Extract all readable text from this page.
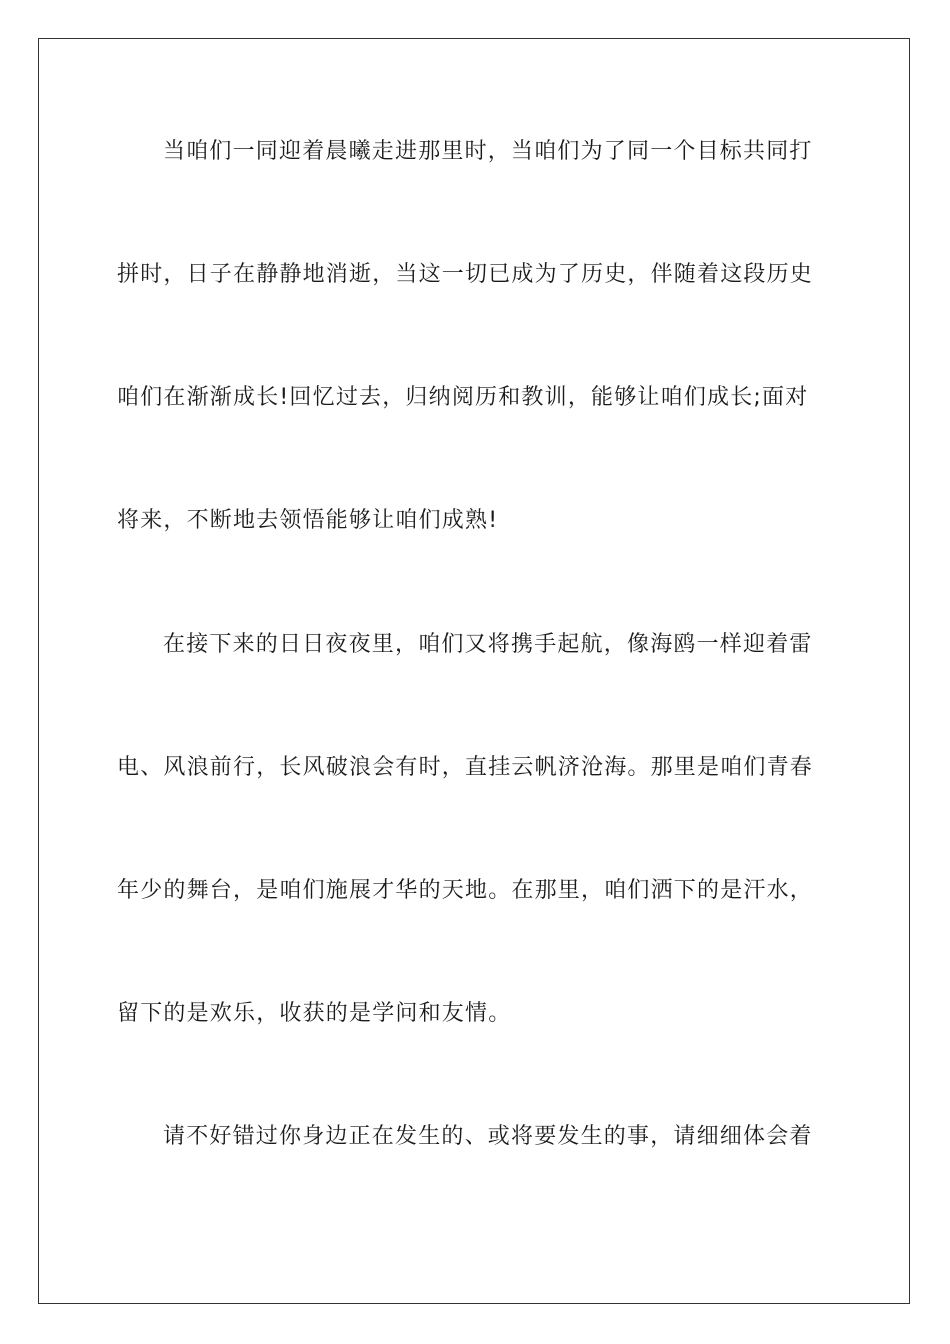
当咱们一同迎着晨曦走进那里时，当咱们为了同一个目标共同打

拼时，日子在静静地消逝，当这一切已成为了历史，伴随着这段历史

咱们在渐渐成长!回忆过去，归纳阅历和教训，能够让咱们成长;面对

将来，不断地去领悟能够让咱们成熟!

在接下来的日日夜夜里，咱们又将携手起航，像海鸥一样迎着雷

电、风浪前行，长风破浪会有时，直挂云帆济沧海。那里是咱们青春

年少的舞台，是咱们施展才华的天地。在那里，咱们洒下的是汗水，

留下的是欢乐，收获的是学问和友情。

请不好错过你身边正在发生的、或将要发生的事，请细细体会着
